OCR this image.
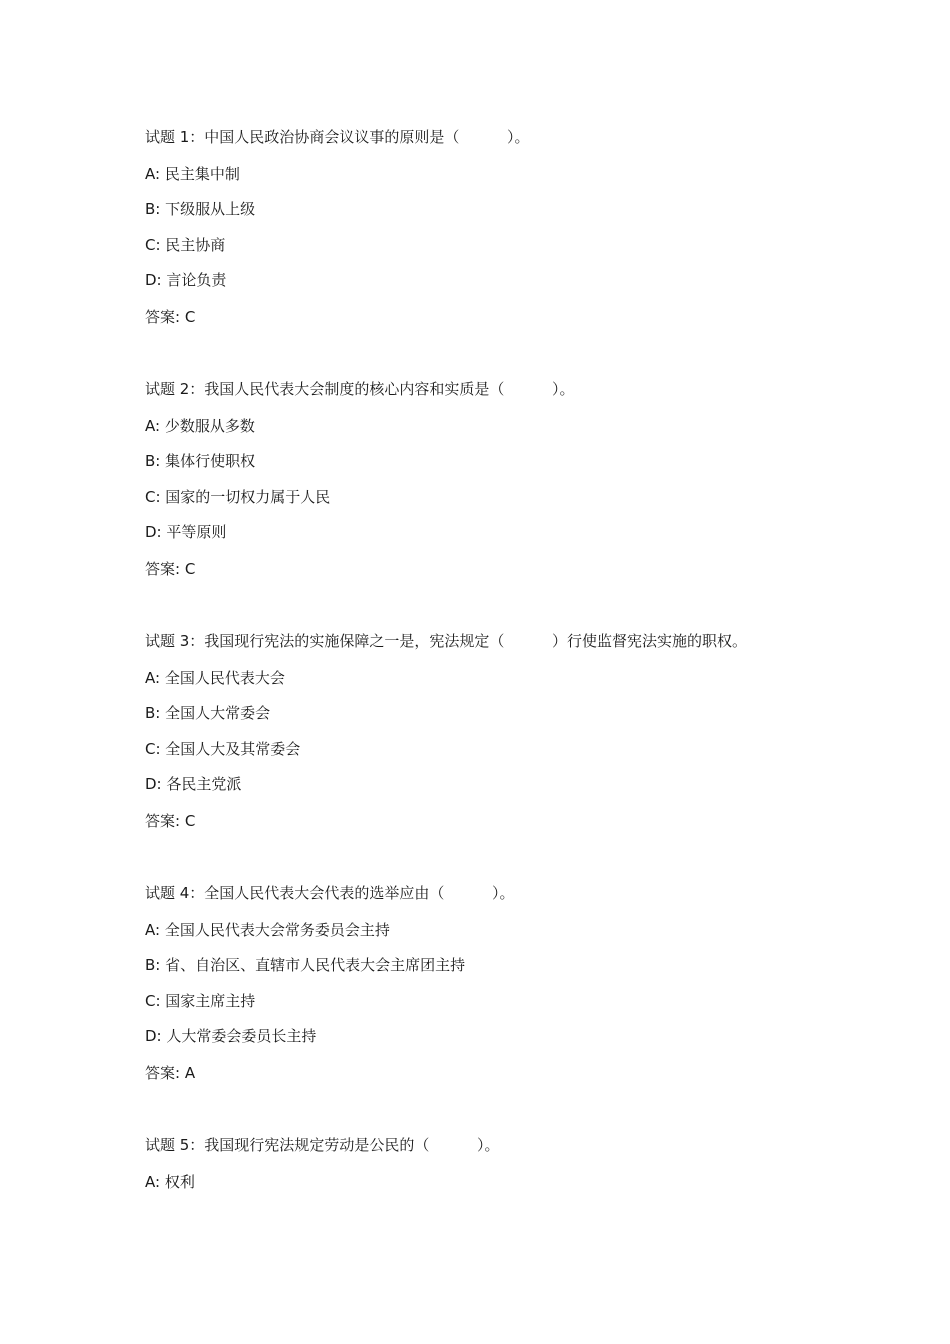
试题 1：中国人民政治协商会议议事的原则是（          ）。
A: 民主集中制
B: 下级服从上级
C: 民主协商
D: 言论负责
答案: C
试题 2：我国人民代表大会制度的核心内容和实质是（          ）。
A: 少数服从多数
B: 集体行使职权
C: 国家的一切权力属于人民
D: 平等原则
答案: C
试题 3：我国现行宪法的实施保障之一是，宪法规定（          ）行使监督宪法实施的职权。
A: 全国人民代表大会
B: 全国人大常委会
C: 全国人大及其常委会
D: 各民主党派
答案: C
试题 4：全国人民代表大会代表的选举应由（          ）。
A: 全国人民代表大会常务委员会主持
B: 省、自治区、直辖市人民代表大会主席团主持
C: 国家主席主持
D: 人大常委会委员长主持
答案: A
试题 5：我国现行宪法规定劳动是公民的（          ）。
A: 权利
